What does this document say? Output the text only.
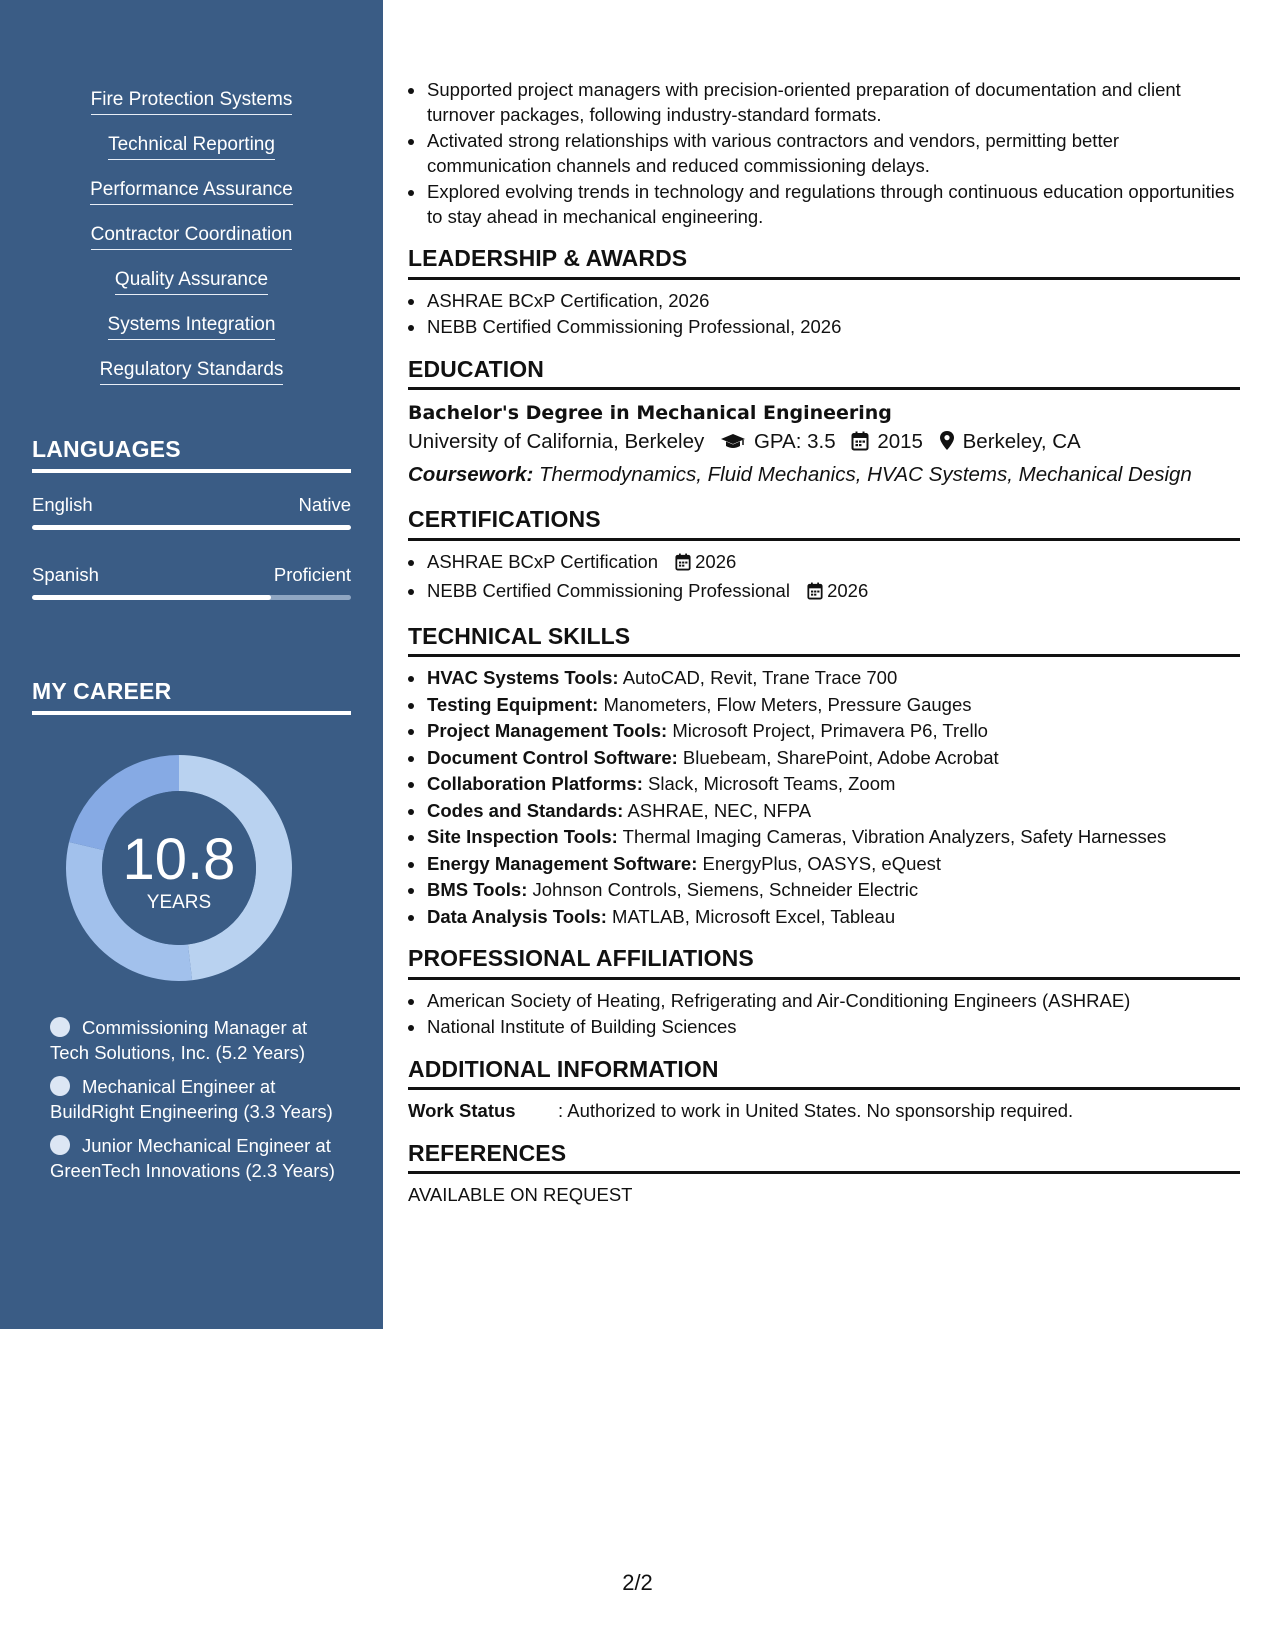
Fire Protection Systems
Technical Reporting
Performance Assurance
Contractor Coordination
Quality Assurance
Systems Integration
Regulatory Standards
LANGUAGES
English	Native
Spanish	Proficient
MY CAREER
10.8
YEARS
Commissioning Manager at Tech Solutions, Inc. (5.2 Years)
Mechanical Engineer at BuildRight Engineering (3.3 Years)
Junior Mechanical Engineer at GreenTech Innovations (2.3 Years)
Supported project managers with precision-oriented preparation of documentation and client turnover packages, following industry-standard formats.
Activated strong relationships with various contractors and vendors, permitting better communication channels and reduced commissioning delays.
Explored evolving trends in technology and regulations through continuous education opportunities to stay ahead in mechanical engineering.
LEADERSHIP & AWARDS
ASHRAE BCxP Certification, 2026
NEBB Certified Commissioning Professional, 2026
EDUCATION
Bachelor's Degree in Mechanical Engineering
University of California, Berkeley GPA: 3.5 2015 Berkeley, CA
Coursework: Thermodynamics, Fluid Mechanics, HVAC Systems, Mechanical Design
CERTIFICATIONS
ASHRAE BCxP Certification 2026
NEBB Certified Commissioning Professional 2026
TECHNICAL SKILLS
HVAC Systems Tools: AutoCAD, Revit, Trane Trace 700
Testing Equipment: Manometers, Flow Meters, Pressure Gauges
Project Management Tools: Microsoft Project, Primavera P6, Trello
Document Control Software: Bluebeam, SharePoint, Adobe Acrobat
Collaboration Platforms: Slack, Microsoft Teams, Zoom
Codes and Standards: ASHRAE, NEC, NFPA
Site Inspection Tools: Thermal Imaging Cameras, Vibration Analyzers, Safety Harnesses
Energy Management Software: EnergyPlus, OASYS, eQuest
BMS Tools: Johnson Controls, Siemens, Schneider Electric
Data Analysis Tools: MATLAB, Microsoft Excel, Tableau
PROFESSIONAL AFFILIATIONS
American Society of Heating, Refrigerating and Air-Conditioning Engineers (ASHRAE)
National Institute of Building Sciences
ADDITIONAL INFORMATION
Work Status	: Authorized to work in United States. No sponsorship required.
REFERENCES
AVAILABLE ON REQUEST
2/2
